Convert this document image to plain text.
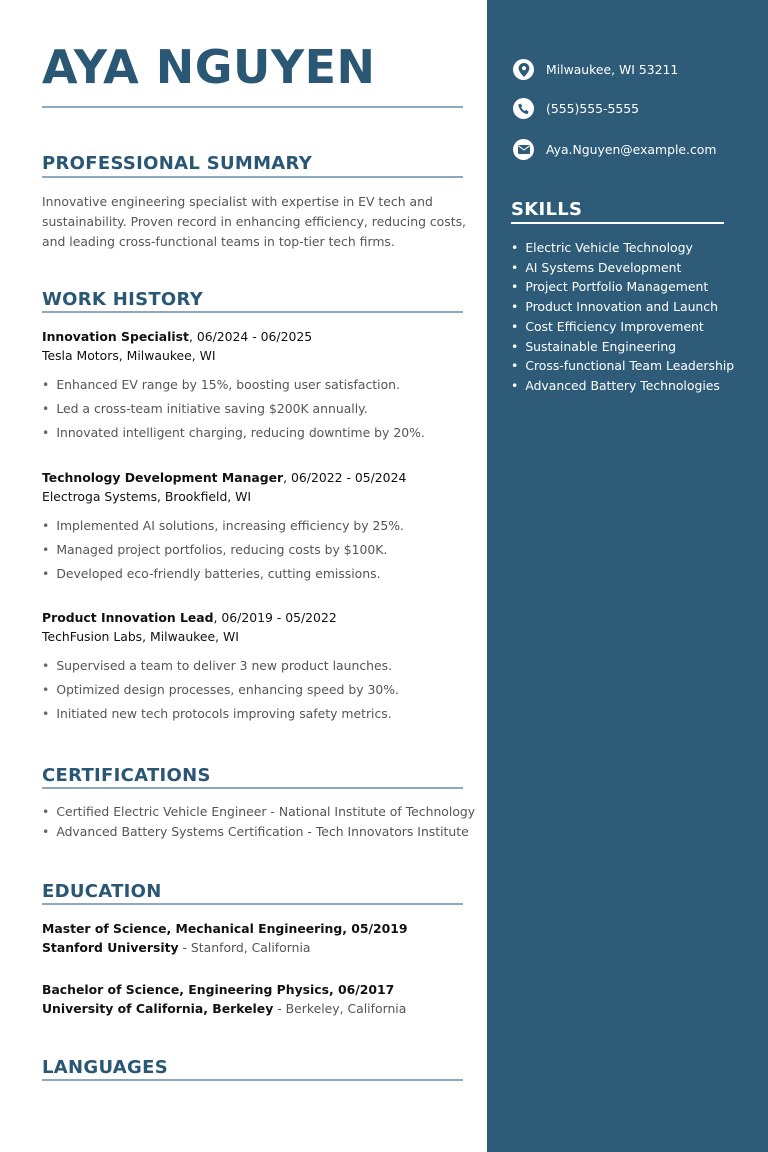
AYA NGUYEN
PROFESSIONAL SUMMARY
Innovative engineering specialist with expertise in EV tech and sustainability. Proven record in enhancing efficiency, reducing costs, and leading cross-functional teams in top-tier tech firms.
WORK HISTORY
Innovation Specialist, 06/2024 - 06/2025
Tesla Motors, Milwaukee, WI
• Enhanced EV range by 15%, boosting user satisfaction.
• Led a cross-team initiative saving $200K annually.
• Innovated intelligent charging, reducing downtime by 20%.
Technology Development Manager, 06/2022 - 05/2024
Electroga Systems, Brookfield, WI
• Implemented AI solutions, increasing efficiency by 25%.
• Managed project portfolios, reducing costs by $100K.
• Developed eco-friendly batteries, cutting emissions.
Product Innovation Lead, 06/2019 - 05/2022
TechFusion Labs, Milwaukee, WI
• Supervised a team to deliver 3 new product launches.
• Optimized design processes, enhancing speed by 30%.
• Initiated new tech protocols improving safety metrics.
CERTIFICATIONS
• Certified Electric Vehicle Engineer - National Institute of Technology
• Advanced Battery Systems Certification - Tech Innovators Institute
EDUCATION
Master of Science, Mechanical Engineering, 05/2019
Stanford University - Stanford, California
Bachelor of Science, Engineering Physics, 06/2017
University of California, Berkeley - Berkeley, California
LANGUAGES
Milwaukee, WI 53211
(555)555-5555
Aya.Nguyen@example.com
SKILLS
• Electric Vehicle Technology
• AI Systems Development
• Project Portfolio Management
• Product Innovation and Launch
• Cost Efficiency Improvement
• Sustainable Engineering
• Cross-functional Team Leadership
• Advanced Battery Technologies
